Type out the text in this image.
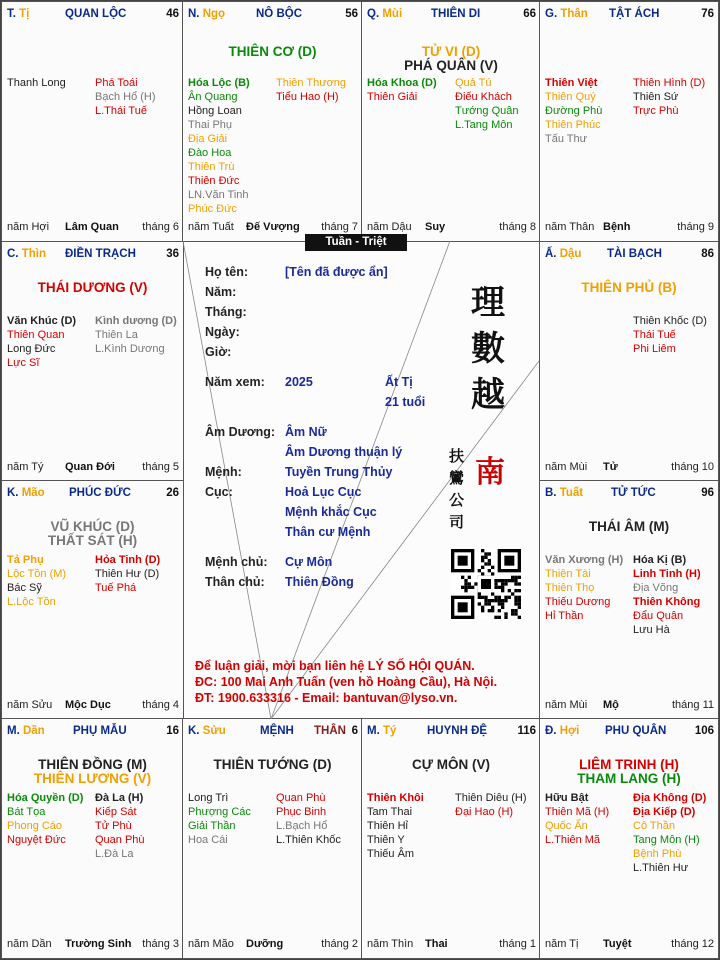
T. Tị	QUAN LỘC	46
Thanh Long	Phá Toái
Bạch Hổ (H)
L.Thái Tuế
năm Hợi Lâm Quan tháng 6
N. Ngọ	NÔ BỘC	56
THIÊN CƠ (D)
Hóa Lộc (B)
Ân Quang
Hồng Loan
Thai Phụ
Địa Giải
Đào Hoa
Thiên Trù
Thiên Đức
LN.Văn Tinh
Phúc Đức
Thiên Thương
Tiểu Hao (H)
năm Tuất Đế Vượng tháng 7
Q. Mùi	THIÊN DI	66
TỬ VI (D)
PHÁ QUÂN (V)
Hóa Khoa (D)
Thiên Giải
Quả Tú
Điếu Khách
Tướng Quân
L.Tang Môn
năm Dậu Suy	tháng 8
G. Thân TẬT ÁCH	76
Thiên Việt
Thiên Quý
Đường Phù
Thiên Phúc
Tấu Thư
Thiên Hình (D)
Thiên Sứ
Trực Phù
năm Thân Bệnh	tháng 9
C. Thìn ĐIỀN TRẠCH	36
THÁI DƯƠNG (V)
Văn Khúc (D)
Thiên Quan
Long Đức
Lực Sĩ
Kình dương (D)
Thiên La
L.Kình Dương
năm Tý Quan Đới tháng 5
Ấ. Dậu TÀI BẠCH	86
THIÊN PHỦ (B)
Thiên Khốc (D)
Thái Tuế
Phi Liêm
năm Mùi Tử	tháng 10
K. Mão PHÚC ĐỨC	26
VŨ KHÚC (D)
THẤT SÁT (H)
Tả Phụ
Lộc Tồn (M)
Bác Sỹ
L.Lộc Tồn
Hỏa Tinh (D)
Thiên Hư (D)
Tuế Phá
năm Sửu Mộc Dục	tháng 4
B. Tuất TỬ TỨC	96
THÁI ÂM (M)
Văn Xương (H)
Thiên Tài
Thiên Thọ
Thiếu Dương
Hỉ Thần
Hóa Kị (B)
Linh Tinh (H)
Địa Võng
Thiên Không
Đẩu Quân
Lưu Hà
năm Mùi Mộ	tháng 11
M. Dần PHỤ MẪU	16
THIÊN ĐỒNG (M)
THIÊN LƯƠNG (V)
Hóa Quyền (D)
Bát Tọa
Phong Cáo
Nguyệt Đức
Đà La (H)
Kiếp Sát
Tử Phù
Quan Phù
L.Đà La
năm Dần Trường Sinh tháng 3
K. Sửu	MỆNH THÂN 6
THIÊN TƯỚNG (D)
Long Trì
Phượng Các
Giải Thần
Hoa Cái
Quan Phù
Phục Binh
L.Bạch Hổ
L.Thiên Khốc
năm Mão Dưỡng	tháng 2
M. Tý	HUYNH ĐỆ	116
CỰ MÔN (V)
Thiên Khôi
Tam Thai
Thiên Hỉ
Thiên Y
Thiếu Âm
Thiên Diêu (H)
Đại Hao (H)
năm Thìn Thai	tháng 1
Đ. Hợi PHU QUÂN 106
LIÊM TRINH (H)
THAM LANG (H)
Hữu Bật
Thiên Mã (H)
Quốc Ấn
L.Thiên Mã
Địa Không (D)
Địa Kiếp (D)
Cô Thần
Tang Môn (H)
Bệnh Phù
L.Thiên Hư
năm Tị Tuyệt	tháng 12
Họ tên:	[Tên đã được ẩn]
Năm:
Tháng:
Ngày:
Giờ:
Năm xem: 2025	Ất Tị
21 tuổi
Âm Dương: Âm Nữ
Âm Dương thuận lý
Mệnh:	Tuyền Trung Thủy
Cục:	Hoả Lục Cục
Mệnh khắc Cục
Thân cư Mệnh
Mệnh chủ: Cự Môn
Thân chủ: Thiên Đồng
理
數
越
南
扶
鸞
公
司
Để luận giải, mời bạn liên hệ LÝ SỐ HỘI QUÁN.
ĐC: 100 Mai Anh Tuấn (ven hồ Hoàng Cầu), Hà Nội.
ĐT: 1900.633316 - Email: bantuvan@lyso.vn.
Tuần - Triệt
